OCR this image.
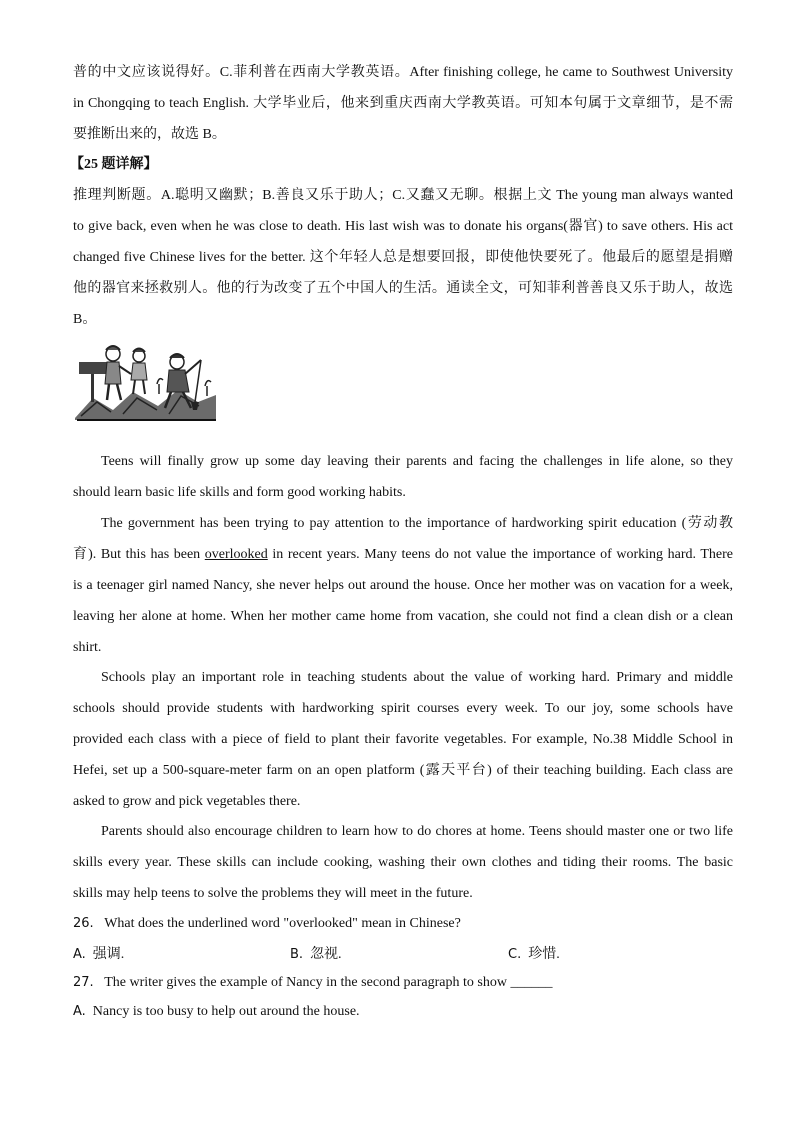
普的中文应该说得好。C.菲利普在西南大学教英语。After finishing college, he came to Southwest University
in Chongqing to teach English. 大学毕业后，他来到重庆西南大学教英语。可知本句属于文章细节，是不需
要推断出来的，故选 B。
【25 题详解】
推理判断题。A.聪明又幽默；B.善良又乐于助人；C.又蠢又无聊。根据上文 The young man always wanted
to give back, even when he was close to death. His last wish was to donate his organs(器官) to save others. His act
changed five Chinese lives for the better. 这个年轻人总是想要回报，即使他快要死了。他最后的愿望是捐赠
他的器官来拯救别人。他的行为改变了五个中国人的生活。通读全文，可知菲利普善良又乐于助人，故选
B。
Teens will finally grow up some day leaving their parents and facing the challenges in life alone, so they
should learn basic life skills and form good working habits.
The government has been trying to pay attention to the importance of hardworking spirit education (劳动教
育). But this has been overlooked in recent years. Many teens do not value the importance of working hard. There
is a teenager girl named Nancy, she never helps out around the house. Once her mother was on vacation for a week,
leaving her alone at home. When her mother came home from vacation, she could not find a clean dish or a clean
shirt.
Schools play an important role in teaching students about the value of working hard. Primary and middle
schools should provide students with hardworking spirit courses every week. To our joy, some schools have
provided each class with a piece of field to plant their favorite vegetables. For example, No.38 Middle School in
Hefei, set up a 500-square-meter farm on an open platform (露天平台) of their teaching building. Each class are
asked to grow and pick vegetables there.
Parents should also encourage children to learn how to do chores at home. Teens should master one or two life
skills every year. These skills can include cooking, washing their own clothes and tiding their rooms. The basic
skills may help teens to solve the problems they will meet in the future.
26. What does the underlined word "overlooked" mean in Chinese?
A. 强调.	B. 忽视.	C. 珍惜.
27. The writer gives the example of Nancy in the second paragraph to show ______
A. Nancy is too busy to help out around the house.
